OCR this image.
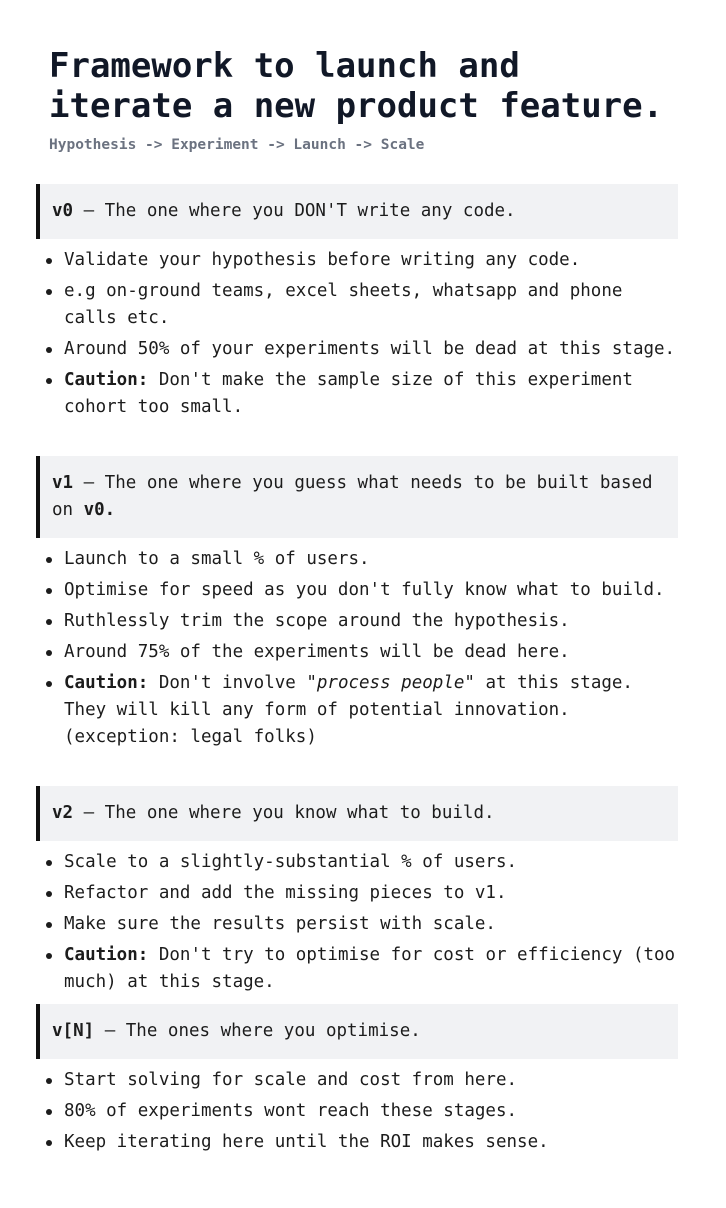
Framework to launch and
iterate a new product feature.
Hypothesis -> Experiment -> Launch -> Scale
v0 – The one where you DON'T write any code.
Validate your hypothesis before writing any code.
e.g on-ground teams, excel sheets, whatsapp and phone calls etc.
Around 50% of your experiments will be dead at this stage.
Caution: Don't make the sample size of this experiment cohort too small.
v1 – The one where you guess what needs to be built based on v0.
Launch to a small % of users.
Optimise for speed as you don't fully know what to build.
Ruthlessly trim the scope around the hypothesis.
Around 75% of the experiments will be dead here.
Caution: Don't involve "process people" at this stage. They will kill any form of potential innovation. (exception: legal folks)
v2 – The one where you know what to build.
Scale to a slightly-substantial % of users.
Refactor and add the missing pieces to v1.
Make sure the results persist with scale.
Caution: Don't try to optimise for cost or efficiency (too much) at this stage.
v[N] – The ones where you optimise.
Start solving for scale and cost from here.
80% of experiments wont reach these stages.
Keep iterating here until the ROI makes sense.
